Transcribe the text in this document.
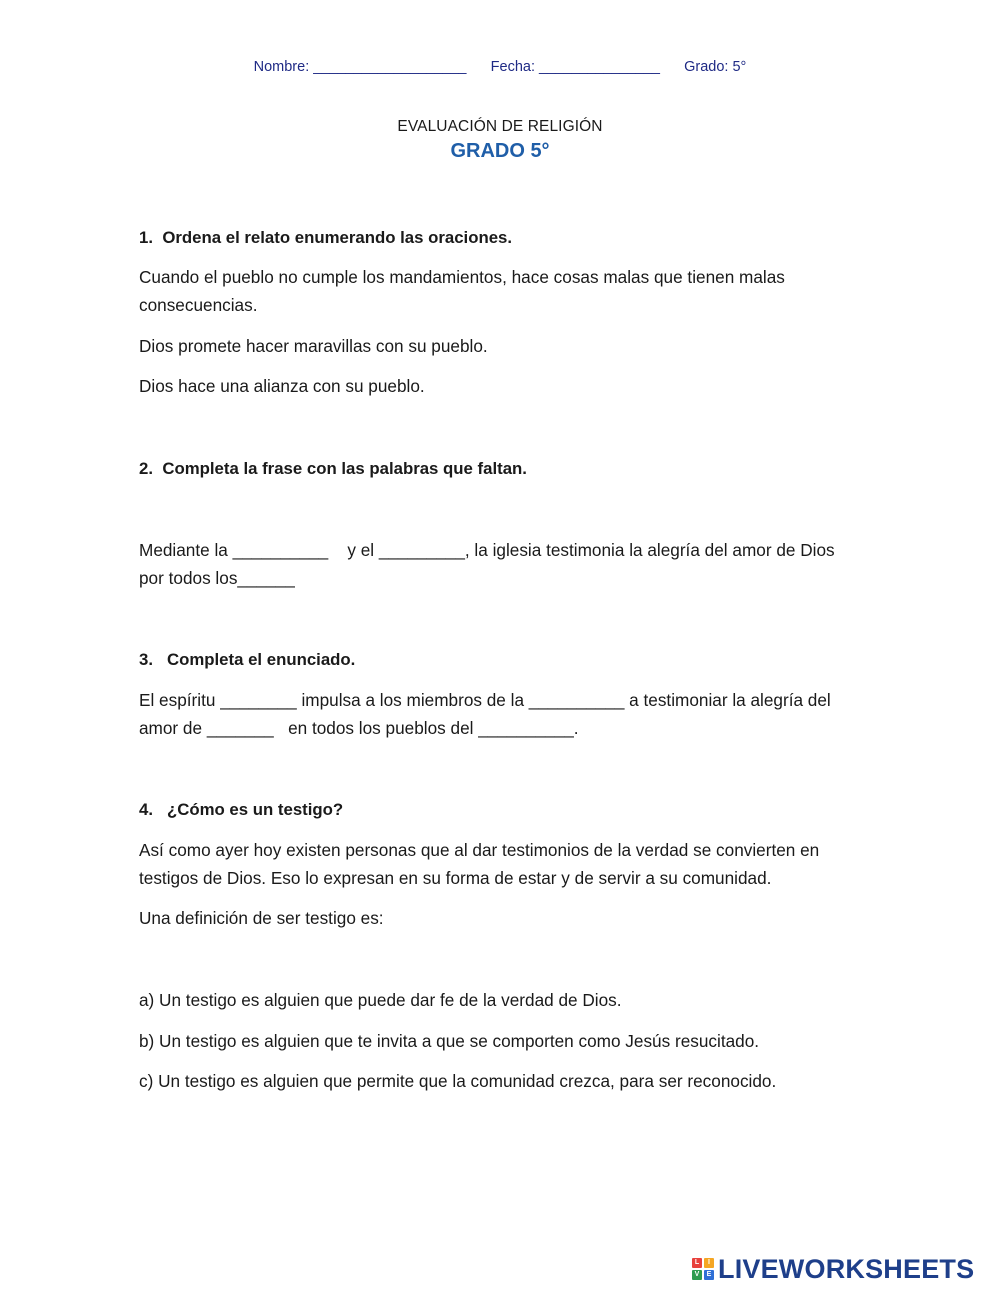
Nombre: ___________________      Fecha: _______________      Grado: 5°
EVALUACIÓN DE RELIGIÓN
GRADO 5°
1.  Ordena el relato enumerando las oraciones.
Cuando el pueblo no cumple los mandamientos, hace cosas malas que tienen malas consecuencias.
Dios promete hacer maravillas con su pueblo.
Dios hace una alianza con su pueblo.
2.  Completa la frase con las palabras que faltan.
Mediante la __________    y el _________, la iglesia testimonia la alegría del amor de Dios por todos los______
3.   Completa el enunciado.
El espíritu ________ impulsa a los miembros de la __________ a testimoniar la alegría del amor de _______   en todos los pueblos del __________.
4.   ¿Cómo es un testigo?
Así como ayer hoy existen personas que al dar testimonios de la verdad se convierten en testigos de Dios. Eso lo expresan en su forma de estar y de servir a su comunidad.
Una definición de ser testigo es:
a) Un testigo es alguien que puede dar fe de la verdad de Dios.
b) Un testigo es alguien que te invita a que se comporten como Jesús resucitado.
c) Un testigo es alguien que permite que la comunidad crezca, para ser reconocido.
L	I
V	E LIVEWORKSHEETS
